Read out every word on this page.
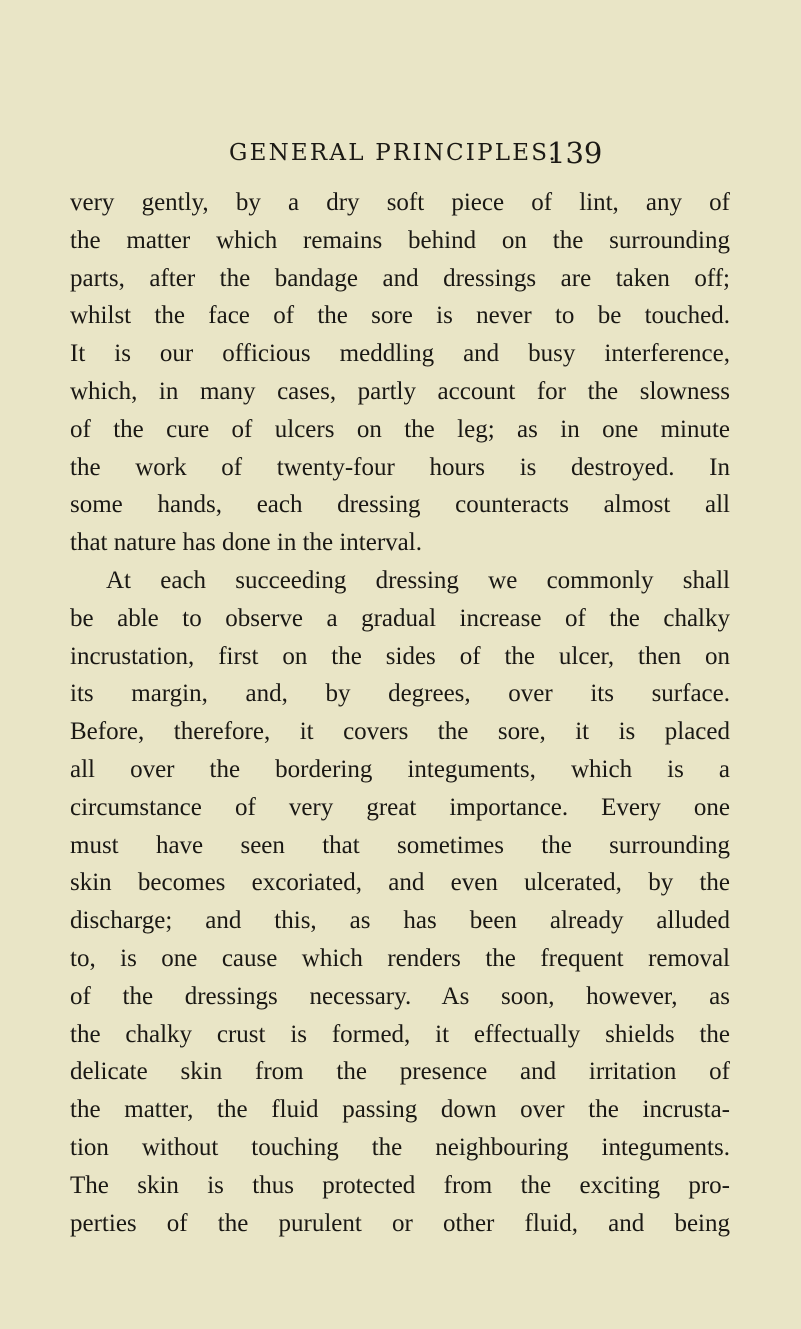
GENERAL PRINCIPLES.
139
very gently, by a dry soft piece of lint, any of
the matter which remains behind on the surrounding
parts, after the bandage and dressings are taken off;
whilst the face of the sore is never to be touched.
It is our officious meddling and busy interference,
which, in many cases, partly account for the slowness
of the cure of ulcers on the leg; as in one minute
the work of twenty-four hours is destroyed. In
some hands, each dressing counteracts almost all
that nature has done in the interval.
At each succeeding dressing we commonly shall
be able to observe a gradual increase of the chalky
incrustation, first on the sides of the ulcer, then on
its margin, and, by degrees, over its surface.
Before, therefore, it covers the sore, it is placed
all over the bordering integuments, which is a
circumstance of very great importance. Every one
must have seen that sometimes the surrounding
skin becomes excoriated, and even ulcerated, by the
discharge; and this, as has been already alluded
to, is one cause which renders the frequent removal
of the dressings necessary. As soon, however, as
the chalky crust is formed, it effectually shields the
delicate skin from the presence and irritation of
the matter, the fluid passing down over the incrusta-
tion without touching the neighbouring integuments.
The skin is thus protected from the exciting pro-
perties of the purulent or other fluid, and being
